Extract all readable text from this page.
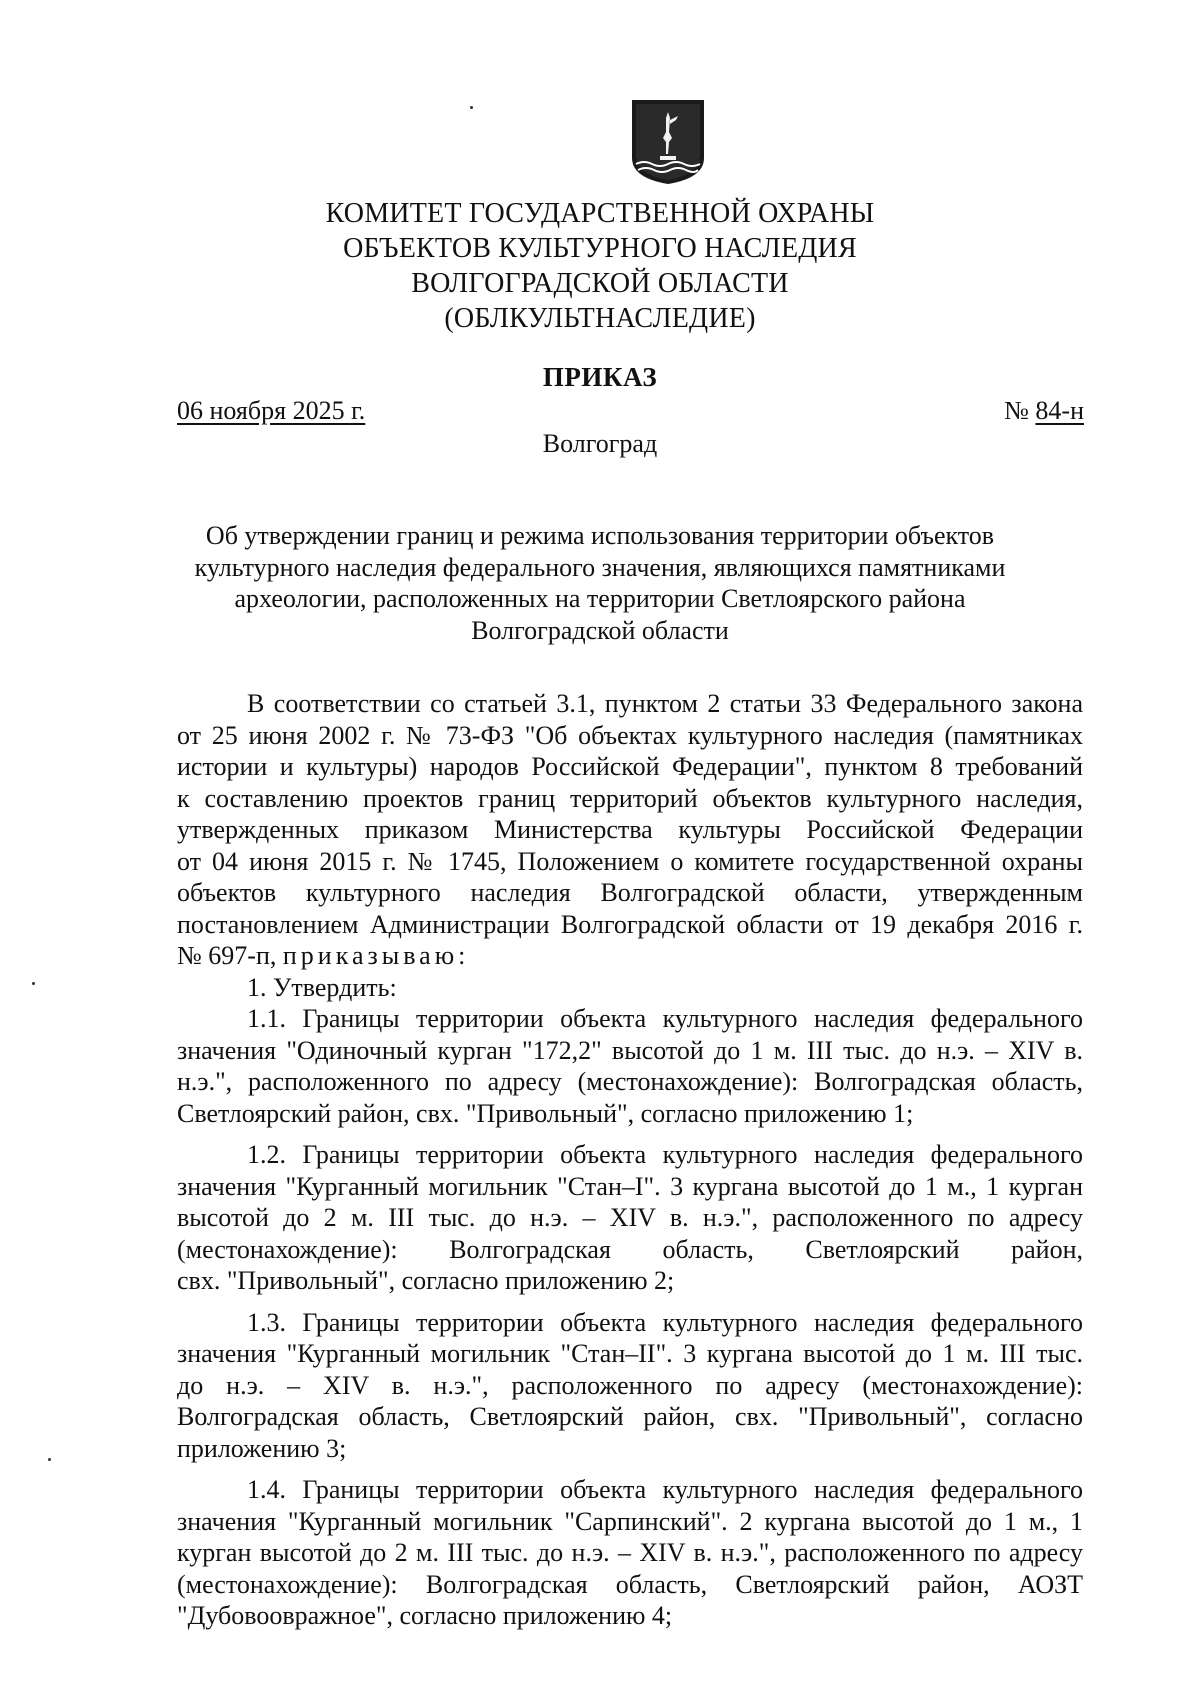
КОМИТЕТ ГОСУДАРСТВЕННОЙ ОХРАНЫ
ОБЪЕКТОВ КУЛЬТУРНОГО НАСЛЕДИЯ
ВОЛГОГРАДСКОЙ ОБЛАСТИ
(ОБЛКУЛЬТНАСЛЕДИЕ)
ПРИКАЗ
06 ноября 2025 г.	№ 84-н
Волгоград
Об утверждении границ и режима использования территории объектов
культурного наследия федерального значения, являющихся памятниками
археологии, расположенных на территории Светлоярского района
Волгоградской области
В соответствии со статьей 3.1, пунктом 2 статьи 33 Федерального закона
от 25 июня 2002 г. № 73-ФЗ "Об объектах культурного наследия (памятниках
истории и культуры) народов Российской Федерации", пунктом 8 требований
к составлению проектов границ территорий объектов культурного наследия,
утвержденных приказом Министерства культуры Российской Федерации
от 04 июня 2015 г. № 1745, Положением о комитете государственной охраны
объектов культурного наследия Волгоградской области, утвержденным
постановлением Администрации Волгоградской области от 19 декабря 2016 г.
№ 697-п, приказываю:
1. Утвердить:
1.1. Границы территории объекта культурного наследия федерального
значения "Одиночный курган "172,2" высотой до 1 м. III тыс. до н.э. – XIV в.
н.э.", расположенного по адресу (местонахождение): Волгоградская область,
Светлоярский район, свх. "Привольный", согласно приложению 1;
1.2. Границы территории объекта культурного наследия федерального
значения "Курганный могильник "Стан–I". 3 кургана высотой до 1 м., 1 курган
высотой до 2 м. III тыс. до н.э. – XIV в. н.э.", расположенного по адресу
(местонахождение): Волгоградская область, Светлоярский район,
свх. "Привольный", согласно приложению 2;
1.3. Границы территории объекта культурного наследия федерального
значения "Курганный могильник "Стан–II". 3 кургана высотой до 1 м. III тыс.
до н.э. – XIV в. н.э.", расположенного по адресу (местонахождение):
Волгоградская область, Светлоярский район, свх. "Привольный", согласно
приложению 3;
1.4. Границы территории объекта культурного наследия федерального
значения "Курганный могильник "Сарпинский". 2 кургана высотой до 1 м., 1
курган высотой до 2 м. III тыс. до н.э. – XIV в. н.э.", расположенного по адресу
(местонахождение): Волгоградская область, Светлоярский район, АОЗТ
"Дубовоовражное", согласно приложению 4;
